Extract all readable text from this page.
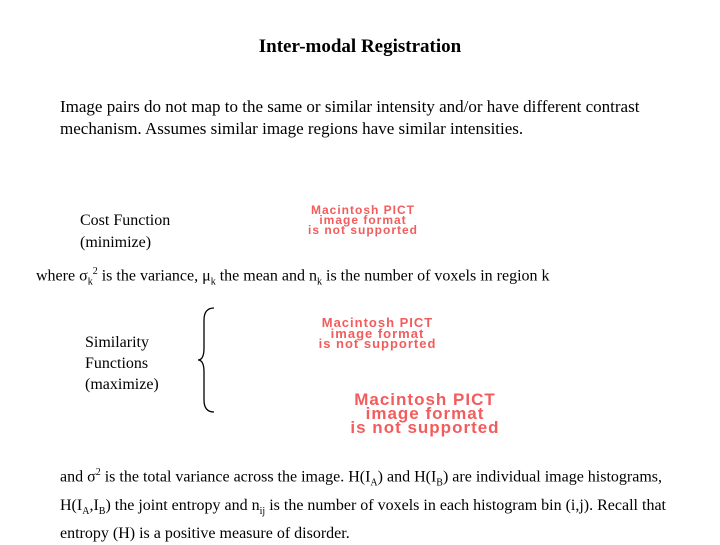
Inter-modal Registration
Image pairs do not map to the same or similar intensity and/or have different contrast mechanism. Assumes similar image regions have similar intensities.
Cost Function
(minimize)
Macintosh PICT
image format
is not supported
where $\sigma_k^2$ is the variance, $\mu_k$ the mean and $n_k$ is the number of voxels in region k
Similarity
Functions
(maximize)
Macintosh PICT
image format
is not supported
Macintosh PICT
image format
is not supported
and $\sigma^2$ is the total variance across the image. $H(I_A)$ and $H(I_B)$ are individual image histograms, $H(I_A,I_B)$ the joint entropy and $n_{ij}$ is the number of voxels in each histogram bin (i,j). Recall that entropy (H) is a positive measure of disorder.
